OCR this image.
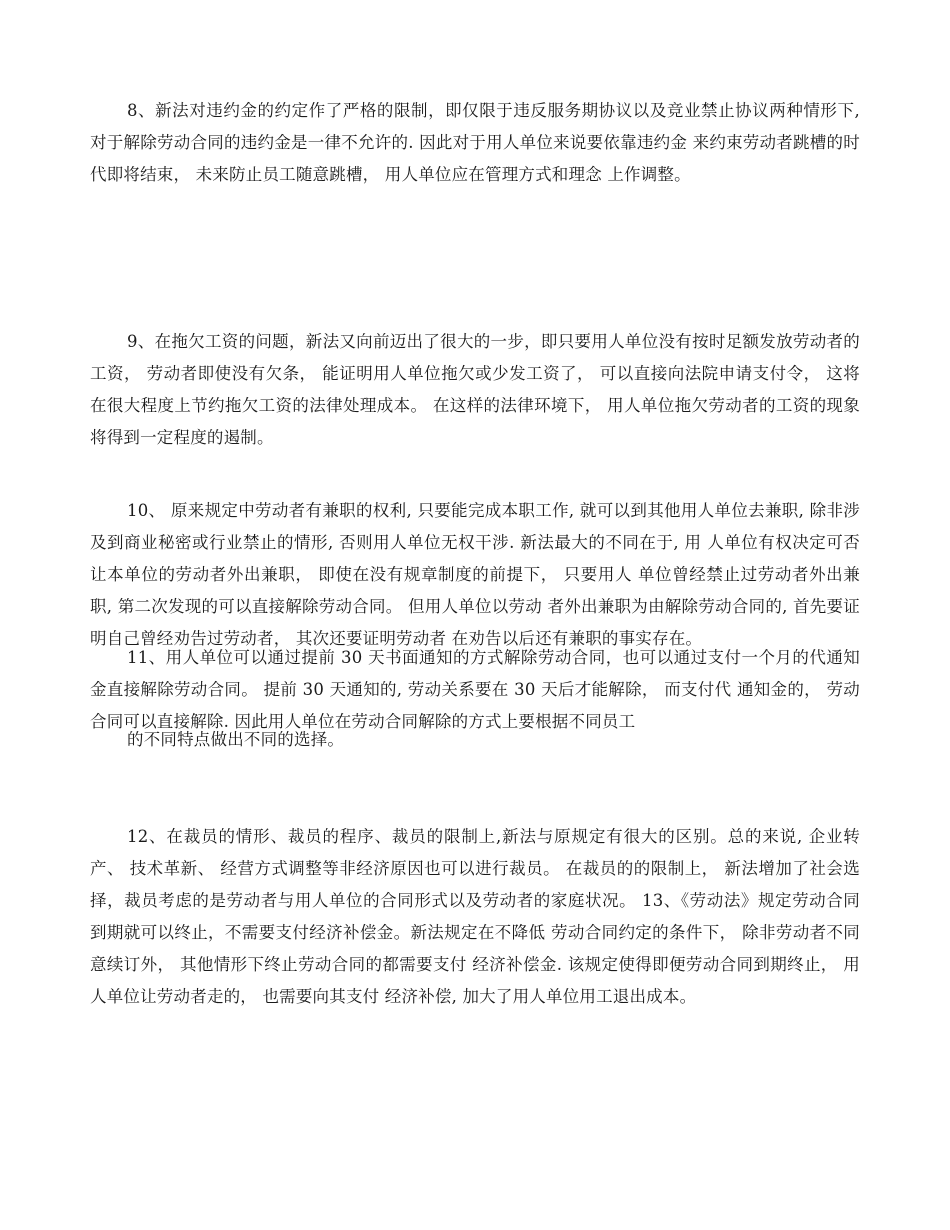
8、新法对违约金的约定作了严格的限制，即仅限于违反服务期协议以及竞业禁止协议两种情形下, 对于解除劳动合同的违约金是一律不允许的. 因此对于用人单位来说要依靠违约金 来约束劳动者跳槽的时代即将结束， 未来防止员工随意跳槽， 用人单位应在管理方式和理念 上作调整。

9、在拖欠工资的问题，新法又向前迈出了很大的一步，即只要用人单位没有按时足额发放劳动者的工资， 劳动者即使没有欠条， 能证明用人单位拖欠或少发工资了， 可以直接向法院申请支付令， 这将在很大程度上节约拖欠工资的法律处理成本。 在这样的法律环境下， 用人单位拖欠劳动者的工资的现象将得到一定程度的遏制。

10、 原来规定中劳动者有兼职的权利, 只要能完成本职工作, 就可以到其他用人单位去兼职, 除非涉及到商业秘密或行业禁止的情形, 否则用人单位无权干涉. 新法最大的不同在于, 用 人单位有权决定可否让本单位的劳动者外出兼职， 即使在没有规章制度的前提下， 只要用人 单位曾经禁止过劳动者外出兼职, 第二次发现的可以直接解除劳动合同。 但用人单位以劳动 者外出兼职为由解除劳动合同的, 首先要证明自己曾经劝告过劳动者， 其次还要证明劳动者 在劝告以后还有兼职的事实存在。

11、用人单位可以通过提前 30 天书面通知的方式解除劳动合同，也可以通过支付一个月的代通知金直接解除劳动合同。 提前 30 天通知的, 劳动关系要在 30 天后才能解除， 而支付代 通知金的， 劳动合同可以直接解除. 因此用人单位在劳动合同解除的方式上要根据不同员工

的不同特点做出不同的选择。

12、在裁员的情形、裁员的程序、裁员的限制上,新法与原规定有很大的区别。总的来说, 企业转产、 技术革新、 经营方式调整等非经济原因也可以进行裁员。 在裁员的的限制上， 新法增加了社会选择，裁员考虑的是劳动者与用人单位的合同形式以及劳动者的家庭状况。 13、《劳动法》规定劳动合同到期就可以终止，不需要支付经济补偿金。新法规定在不降低 劳动合同约定的条件下， 除非劳动者不同意续订外， 其他情形下终止劳动合同的都需要支付 经济补偿金. 该规定使得即便劳动合同到期终止， 用人单位让劳动者走的， 也需要向其支付 经济补偿, 加大了用人单位用工退出成本。
